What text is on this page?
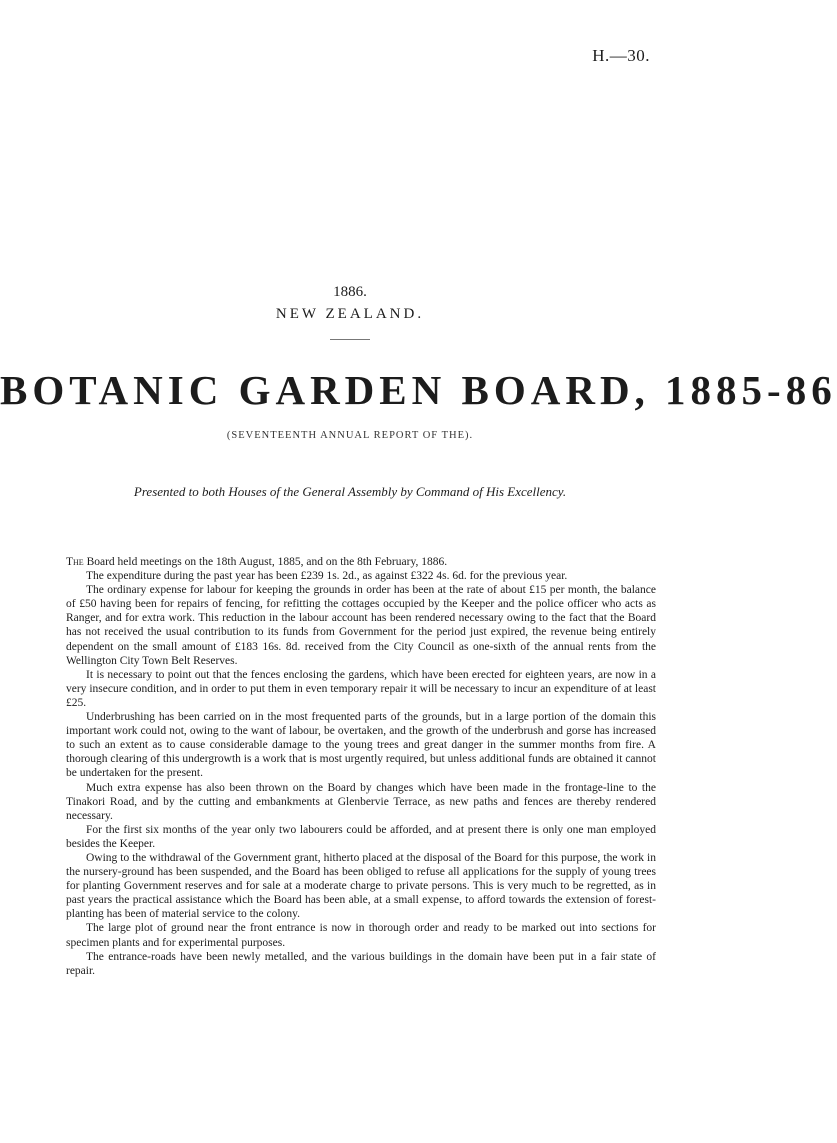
H.—30.
1886.
NEW ZEALAND.
BOTANIC GARDEN BOARD, 1885-86
(SEVENTEENTH ANNUAL REPORT OF THE).
Presented to both Houses of the General Assembly by Command of His Excellency.

The Board held meetings on the 18th August, 1885, and on the 8th February, 1886.

The expenditure during the past year has been £239 1s. 2d., as against £322 4s. 6d. for the previous year.

The ordinary expense for labour for keeping the grounds in order has been at the rate of about £15 per month, the balance of £50 having been for repairs of fencing, for refitting the cottages occupied by the Keeper and the police officer who acts as Ranger, and for extra work. This reduction in the labour account has been rendered necessary owing to the fact that the Board has not received the usual contribution to its funds from Government for the period just expired, the revenue being entirely dependent on the small amount of £183 16s. 8d. received from the City Council as one-sixth of the annual rents from the Wellington City Town Belt Reserves.

It is necessary to point out that the fences enclosing the gardens, which have been erected for eighteen years, are now in a very insecure condition, and in order to put them in even temporary repair it will be necessary to incur an expenditure of at least £25.

Underbrushing has been carried on in the most frequented parts of the grounds, but in a large portion of the domain this important work could not, owing to the want of labour, be overtaken, and the growth of the underbrush and gorse has increased to such an extent as to cause considerable damage to the young trees and great danger in the summer months from fire. A thorough clearing of this undergrowth is a work that is most urgently required, but unless additional funds are obtained it cannot be undertaken for the present.

Much extra expense has also been thrown on the Board by changes which have been made in the frontage-line to the Tinakori Road, and by the cutting and embankments at Glenbervie Terrace, as new paths and fences are thereby rendered necessary.

For the first six months of the year only two labourers could be afforded, and at present there is only one man employed besides the Keeper.

Owing to the withdrawal of the Government grant, hitherto placed at the disposal of the Board for this purpose, the work in the nursery-ground has been suspended, and the Board has been obliged to refuse all applications for the supply of young trees for planting Government reserves and for sale at a moderate charge to private persons. This is very much to be regretted, as in past years the practical assistance which the Board has been able, at a small expense, to afford towards the extension of forest-planting has been of material service to the colony.

The large plot of ground near the front entrance is now in thorough order and ready to be marked out into sections for specimen plants and for experimental purposes.

The entrance-roads have been newly metalled, and the various buildings in the domain have been put in a fair state of repair.
